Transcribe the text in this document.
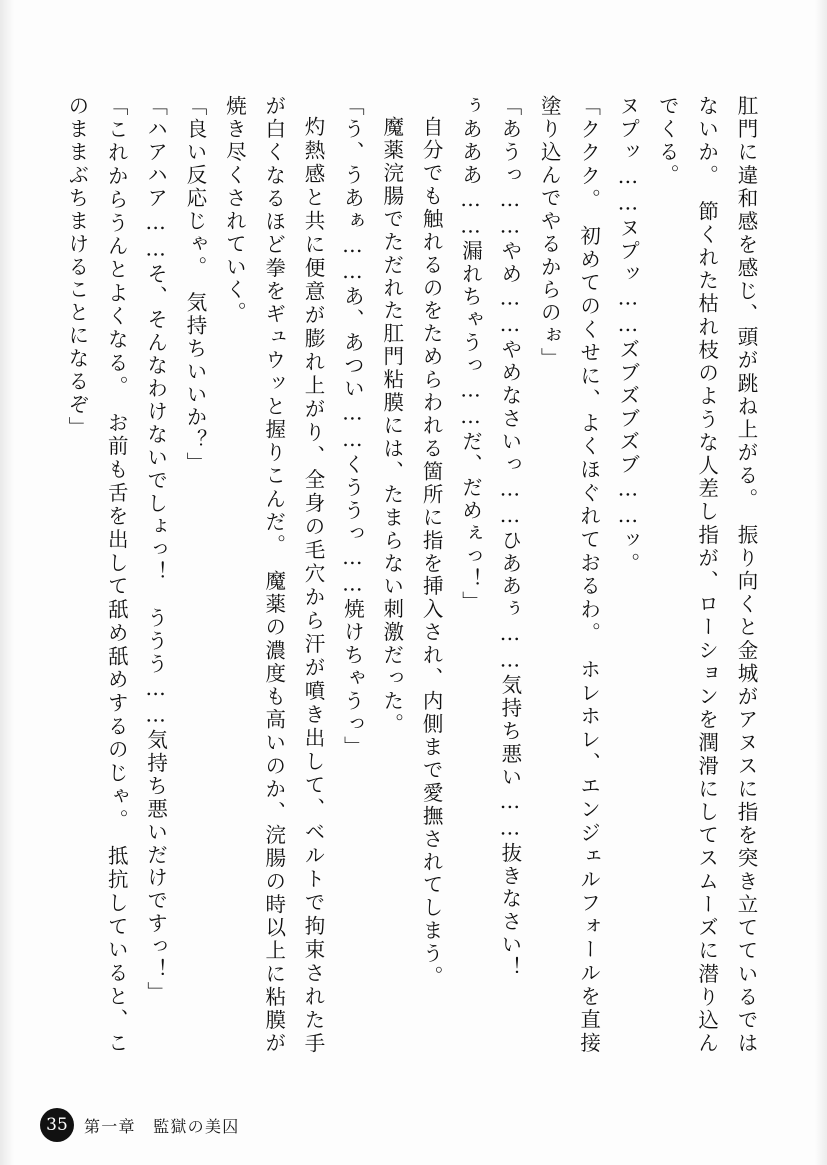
肛門に違和感を感じ、頭が跳ね上がる。　振り向くと金城がアヌスに指を突き立てているではないか。　節くれた枯れ枝のような人差し指が、ローションを潤滑にしてスムーズに潜り込んでくる。

ヌプッ……ヌプッ……ズブズブズブ……ッ。

「ククク。　初めてのくせに、よくほぐれておるわ。　ホレホレ、エンジェルフォールを直接塗り込んでやるからのぉ」

「あうっ……やめ……やめなさいっ……ひああぅ……気持ち悪い……抜きなさい！

ぅあああ……漏れちゃうっ……だ、だめぇっ！」

自分でも触れるのをためらわれる箇所に指を挿入され、内側まで愛撫されてしまう。

魔薬浣腸でただれた肛門粘膜には、たまらない刺激だった。

「う、うあぁ……あ、あつい……くううっ……焼けちゃうっ」

灼熱感と共に便意が膨れ上がり、全身の毛穴から汗が噴き出して、ベルトで拘束された手が白くなるほど拳をギュウッと握りこんだ。　魔薬の濃度も高いのか、浣腸の時以上に粘膜が焼き尽くされていく。

「良い反応じゃ。　気持ちいいか？」

「ハアハア……そ、そんなわけないでしょっ！　ううう……気持ち悪いだけですっ！」

「これからうんとよくなる。　お前も舌を出して舐め舐めするのじゃ。　抵抗していると、このままぶちまけることになるぞ」

35	第一章　監獄の美囚
